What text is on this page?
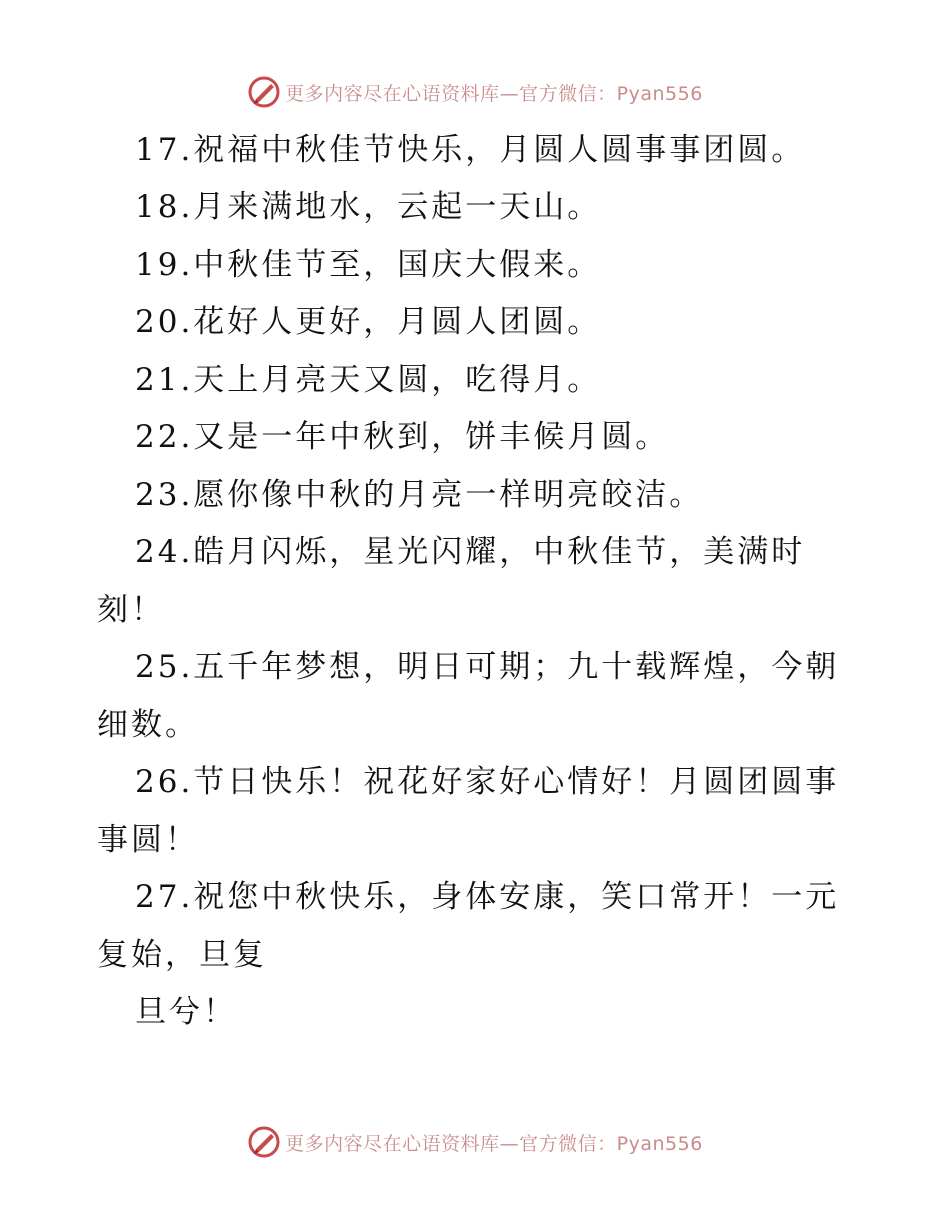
更多内容尽在心语资料库—官方微信：Pyan556
17.祝福中秋佳节快乐，月圆人圆事事团圆。
18.月来满地水，云起一天山。
19.中秋佳节至，国庆大假来。
20.花好人更好，月圆人团圆。
21.天上月亮天又圆，吃得月。
22.又是一年中秋到，饼丰候月圆。
23.愿你像中秋的月亮一样明亮皎洁。
24.皓月闪烁，星光闪耀，中秋佳节，美满时
刻！
25.五千年梦想，明日可期；九十载辉煌，今朝
细数。
26.节日快乐！祝花好家好心情好！月圆团圆事
事圆！
27.祝您中秋快乐，身体安康，笑口常开！一元
复始，旦复
旦兮！
更多内容尽在心语资料库—官方微信：Pyan556
